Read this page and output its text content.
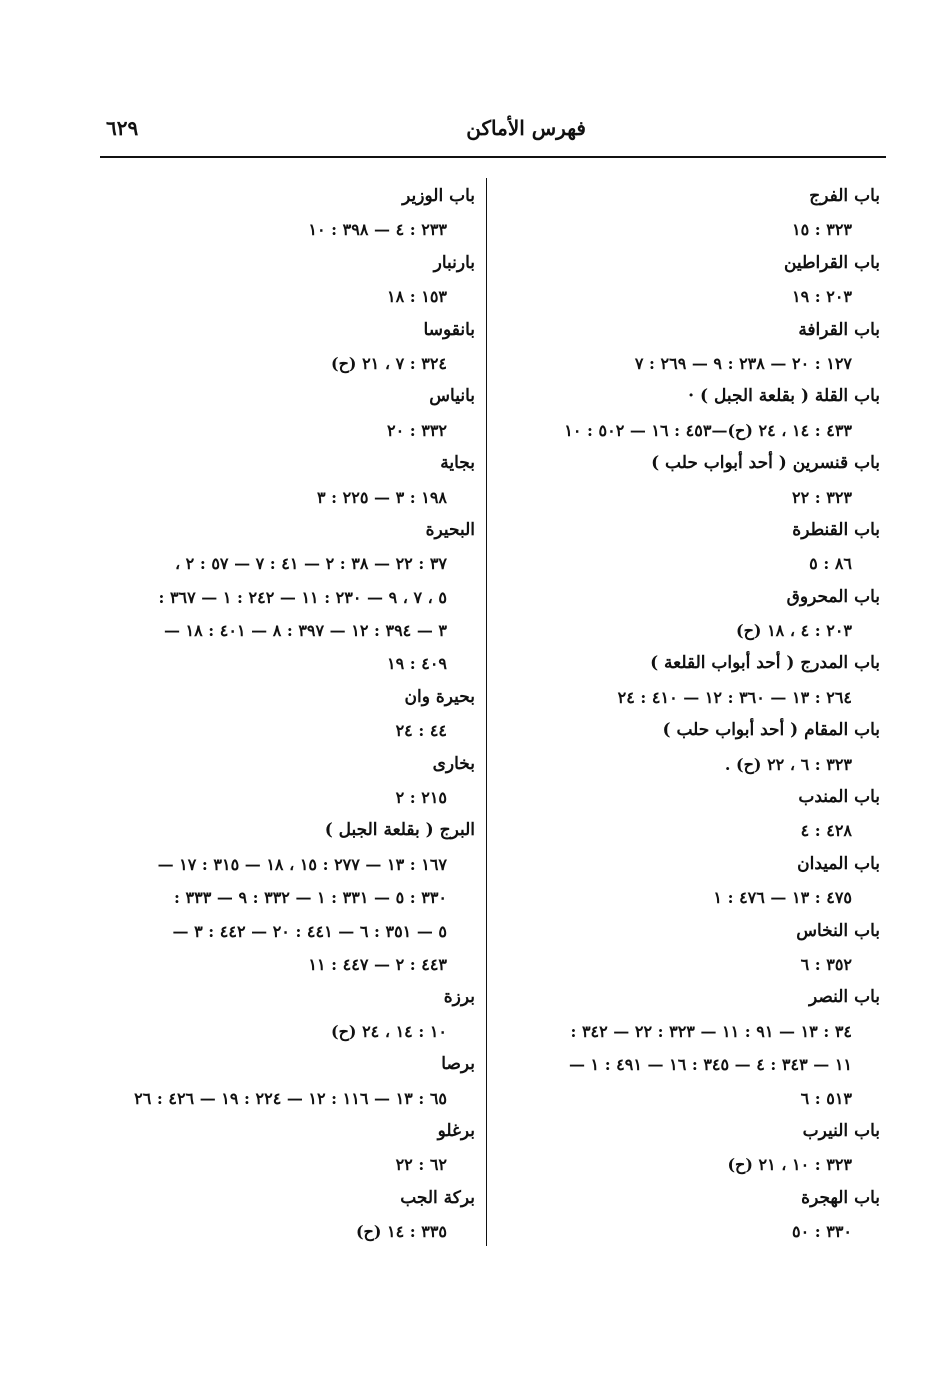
فهرس الأماكن
٦٢٩
باب الفرج
٣٢٣ : ١٥
باب القراطين
٢٠٣ : ١٩
باب القرافة
١٢٧ : ٢٠ — ٢٣٨ : ٩ — ٢٦٩ : ٧
باب القلة ( بقلعة الجبل ) ·
٤٣٣ : ١٤ ، ٢٤ (ح)—٤٥٣ : ١٦ — ٥٠٢ : ١٠
باب قنسرين ( أحد أبواب حلب )
٣٢٣ : ٢٢
باب القنطرة
٨٦ : ٥
باب المحروق
٢٠٣ : ٤ ، ١٨ (ح)
باب المدرج ( أحد أبواب القلعة )
٢٦٤ : ١٣ — ٣٦٠ : ١٢ — ٤١٠ : ٢٤
باب المقام ( أحد أبواب حلب )
٣٢٣ : ٦ ، ٢٢ (ح) .
باب المندب
٤٢٨ : ٤
باب الميدان
٤٧٥ : ١٣ — ٤٧٦ : ١
باب النخاس
٣٥٢ : ٦
باب النصر
٣٤ : ١٣ — ٩١ : ١١ — ٣٢٣ : ٢٢ — ٣٤٢ :
١١ — ٣٤٣ : ٤ — ٣٤٥ : ١٦ — ٤٩١ : ١ —
٥١٣ : ٦
باب النيرب
٣٢٣ : ١٠ ، ٢١ (ح)
باب الهجرة
٣٣٠ : ٥٠
باب الوزير
٢٣٣ : ٤ — ٣٩٨ : ١٠
بارنبار
١٥٣ : ١٨
بانقوسا
٣٢٤ : ٧ ، ٢١ (ح)
بانياس
٣٣٢ : ٢٠
بجاية
١٩٨ : ٣ — ٢٢٥ : ٣
البحيرة
٣٧ : ٢٢ — ٣٨ : ٢ — ٤١ : ٧ — ٥٧ : ٢ ،
٥ ، ٧ ، ٩ — ٢٣٠ : ١١ — ٢٤٢ : ١ — ٣٦٧ :
٣ — ٣٩٤ : ١٢ — ٣٩٧ : ٨ — ٤٠١ : ١٨ —
٤٠٩ : ١٩
بحيرة وان
٤٤ : ٢٤
بخارى
٢١٥ : ٢
البرج ( بقلعة الجبل )
١٦٧ : ١٣ — ٢٧٧ : ١٥ ، ١٨ — ٣١٥ : ١٧ —
٣٣٠ : ٥ — ٣٣١ : ١ — ٣٣٢ : ٩ — ٣٣٣ :
٥ — ٣٥١ : ٦ — ٤٤١ : ٢٠ — ٤٤٢ : ٣ —
٤٤٣ : ٢ — ٤٤٧ : ١١
برزة
١٠ : ١٤ ، ٢٤ (ح)
برصا
٦٥ : ١٣ — ١١٦ : ١٢ — ٢٢٤ : ١٩ — ٤٢٦ : ٢٦
برغلو
٦٢ : ٢٢
بركة الجب
٣٣٥ : ١٤ (ح)
